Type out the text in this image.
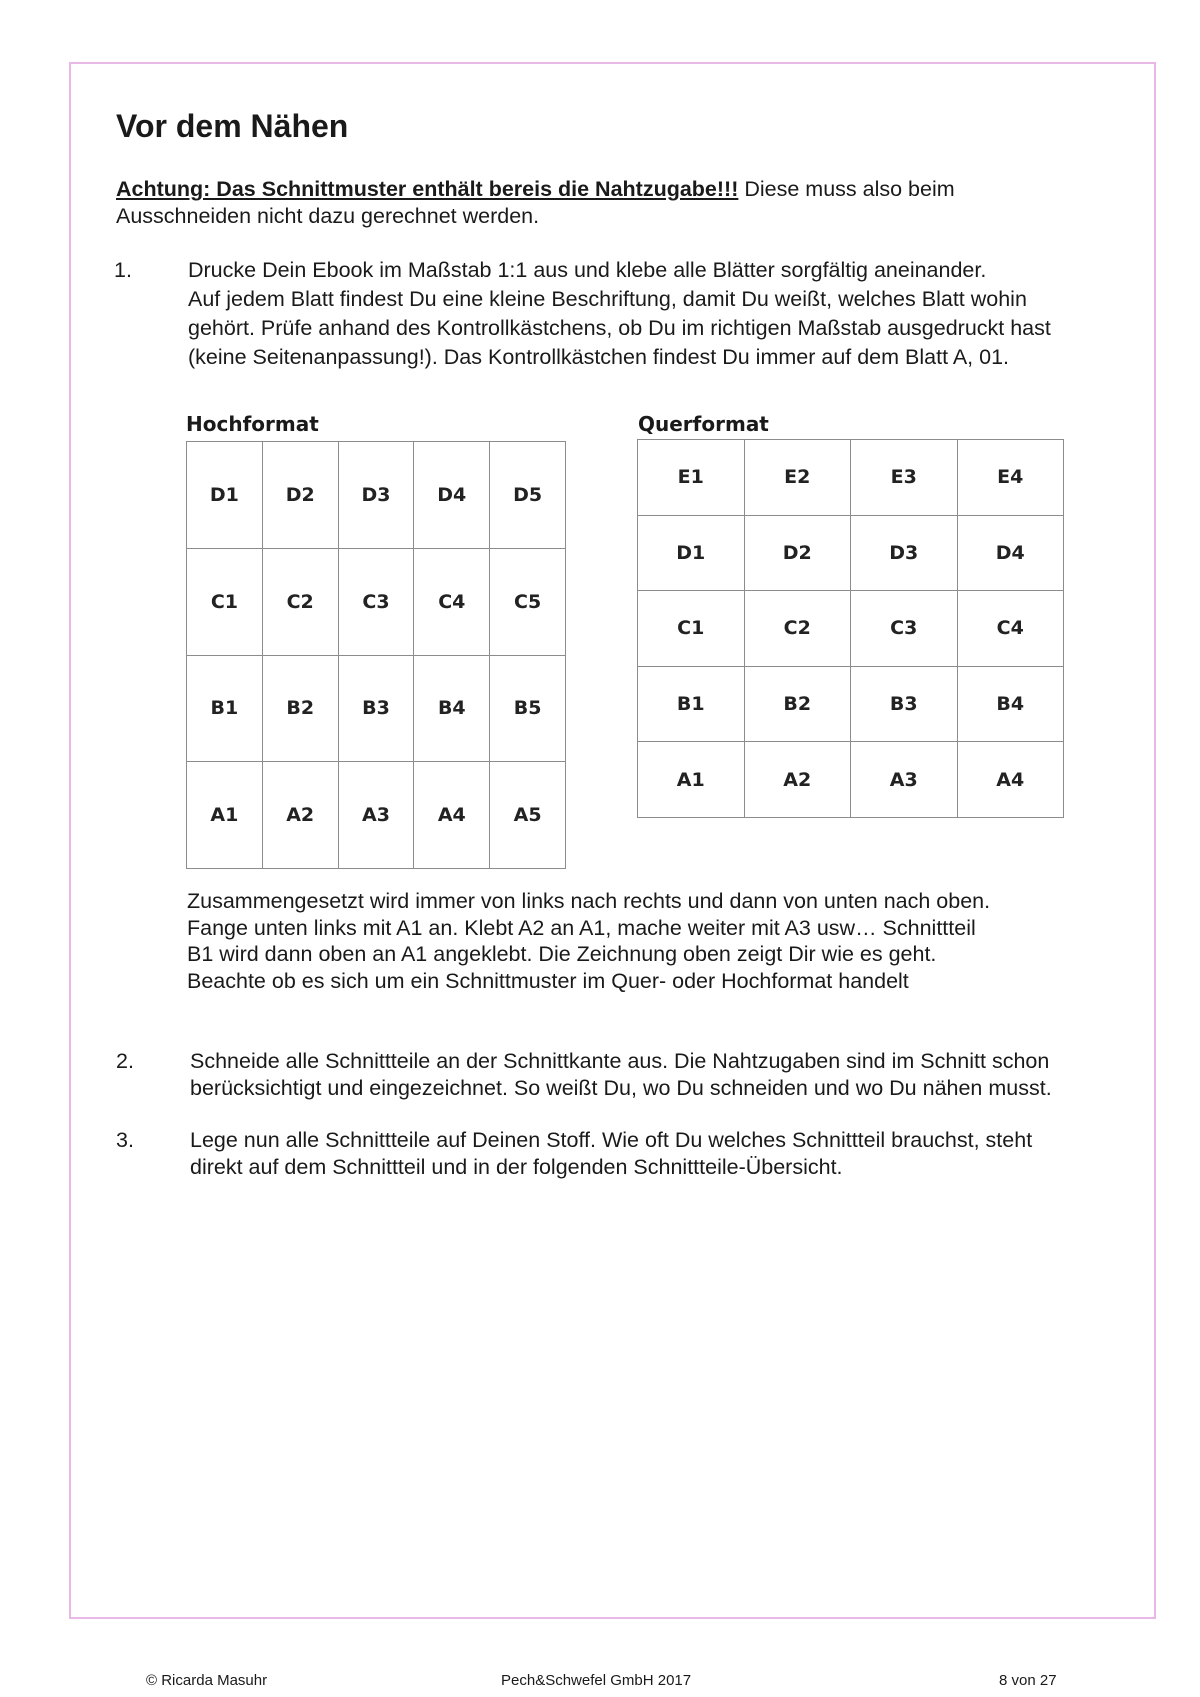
Vor dem Nähen

Achtung: Das Schnittmuster enthält bereis die Nahtzugabe!!! Diese muss also beim
Ausschneiden nicht dazu gerechnet werden.

1.	Drucke Dein Ebook im Maßstab 1:1 aus und klebe alle Blätter sorgfältig aneinander.
Auf jedem Blatt findest Du eine kleine Beschriftung, damit Du weißt, welches Blatt wohin
gehört. Prüfe anhand des Kontrollkästchens, ob Du im richtigen Maßstab ausgedruckt hast
(keine Seitenanpassung!). Das Kontrollkästchen findest Du immer auf dem Blatt A, 01.
Hochformat
D1	D2	D3	D4	D5
C1	C2	C3	C4	C5
B1	B2	B3	B4	B5
A1	A2	A3	A4	A5
Querformat
E1	E2	E3	E4
D1	D2	D3	D4
C1	C2	C3	C4
B1	B2	B3	B4
A1	A2	A3	A4
Zusammengesetzt wird immer von links nach rechts und dann von unten nach oben.
Fange unten links mit A1 an. Klebt A2 an A1, mache weiter mit A3 usw… Schnittteil
B1 wird dann oben an A1 angeklebt. Die Zeichnung oben zeigt Dir wie es geht.
Beachte ob es sich um ein Schnittmuster im Quer- oder Hochformat handelt
2.	Schneide alle Schnittteile an der Schnittkante aus. Die Nahtzugaben sind im Schnitt schon
berücksichtigt und eingezeichnet. So weißt Du, wo Du schneiden und wo Du nähen musst.
3.	Lege nun alle Schnittteile auf Deinen Stoff. Wie oft Du welches Schnittteil brauchst, steht
direkt auf dem Schnittteil und in der folgenden Schnittteile-Übersicht.
© Ricarda Masuhr	Pech&Schwefel GmbH 2017	8 von 27
